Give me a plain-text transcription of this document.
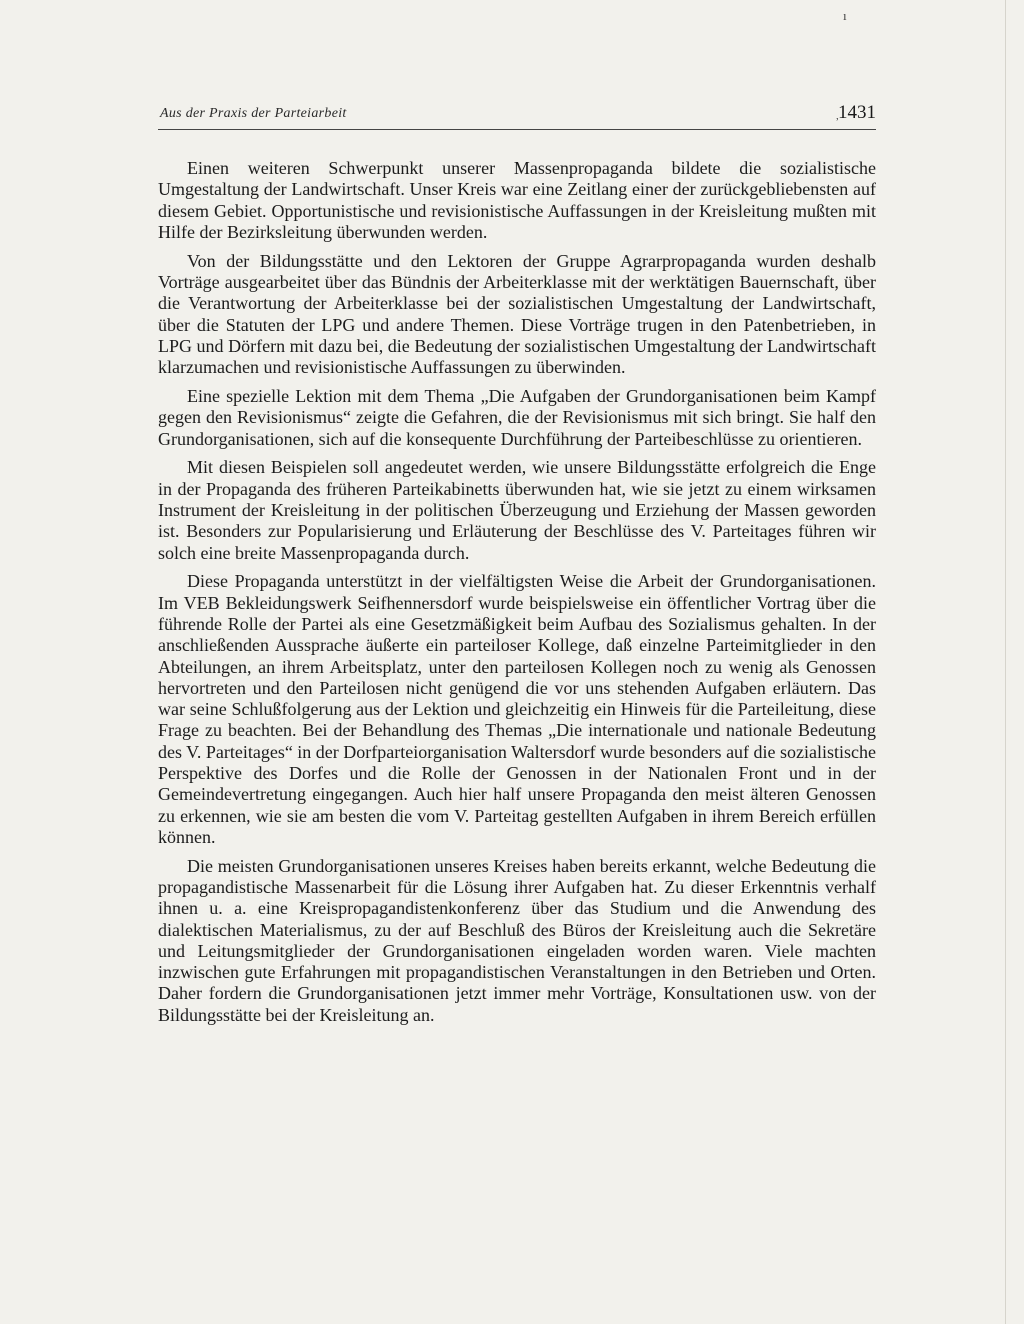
ı
,
Aus der Praxis der Parteiarbeit	1431

Einen weiteren Schwerpunkt unserer Massenpropaganda bildete die sozialistische Umgestaltung der Landwirtschaft. Unser Kreis war eine Zeitlang einer der zurückgebliebensten auf diesem Gebiet. Opportunistische und revisionistische Auffassungen in der Kreisleitung mußten mit Hilfe der Bezirksleitung überwunden werden.

Von der Bildungsstätte und den Lektoren der Gruppe Agrarpropaganda wurden deshalb Vorträge ausgearbeitet über das Bündnis der Arbeiterklasse mit der werktätigen Bauernschaft, über die Verantwortung der Arbeiterklasse bei der sozialistischen Umgestaltung der Landwirtschaft, über die Statuten der LPG und andere Themen. Diese Vorträge trugen in den Patenbetrieben, in LPG und Dörfern mit dazu bei, die Bedeutung der sozialistischen Umgestaltung der Landwirtschaft klarzumachen und revisionistische Auffassungen zu überwinden.

Eine spezielle Lektion mit dem Thema „Die Aufgaben der Grundorganisationen beim Kampf gegen den Revisionismus“ zeigte die Gefahren, die der Revisionismus mit sich bringt. Sie half den Grundorganisationen, sich auf die konsequente Durchführung der Parteibeschlüsse zu orientieren.

Mit diesen Beispielen soll angedeutet werden, wie unsere Bildungsstätte erfolgreich die Enge in der Propaganda des früheren Parteikabinetts überwunden hat, wie sie jetzt zu einem wirksamen Instrument der Kreisleitung in der politischen Überzeugung und Erziehung der Massen geworden ist. Besonders zur Popularisierung und Erläuterung der Beschlüsse des V. Parteitages führen wir solch eine breite Massenpropaganda durch.

Diese Propaganda unterstützt in der vielfältigsten Weise die Arbeit der Grundorganisationen. Im VEB Bekleidungswerk Seifhennersdorf wurde beispielsweise ein öffentlicher Vortrag über die führende Rolle der Partei als eine Gesetzmäßigkeit beim Aufbau des Sozialismus gehalten. In der anschließenden Aussprache äußerte ein parteiloser Kollege, daß einzelne Parteimitglieder in den Abteilungen, an ihrem Arbeitsplatz, unter den parteilosen Kollegen noch zu wenig als Genossen hervortreten und den Parteilosen nicht genügend die vor uns stehenden Aufgaben erläutern. Das war seine Schlußfolgerung aus der Lektion und gleichzeitig ein Hinweis für die Parteileitung, diese Frage zu beachten. Bei der Behandlung des Themas „Die internationale und nationale Bedeutung des V. Parteitages“ in der Dorfparteiorganisation Waltersdorf wurde besonders auf die sozialistische Perspektive des Dorfes und die Rolle der Genossen in der Nationalen Front und in der Gemeindevertretung eingegangen. Auch hier half unsere Propaganda den meist älteren Genossen zu erkennen, wie sie am besten die vom V. Parteitag gestellten Aufgaben in ihrem Bereich erfüllen können.

Die meisten Grundorganisationen unseres Kreises haben bereits erkannt, welche Bedeutung die propagandistische Massenarbeit für die Lösung ihrer Aufgaben hat. Zu dieser Erkenntnis verhalf ihnen u. a. eine Kreispropagandistenkonferenz über das Studium und die Anwendung des dialektischen Materialismus, zu der auf Beschluß des Büros der Kreisleitung auch die Sekretäre und Leitungsmitglieder der Grundorganisationen eingeladen worden waren. Viele machten inzwischen gute Erfahrungen mit propagandistischen Veranstaltungen in den Betrieben und Orten. Daher fordern die Grundorganisationen jetzt immer mehr Vorträge, Konsultationen usw. von der Bildungsstätte bei der Kreisleitung an.
